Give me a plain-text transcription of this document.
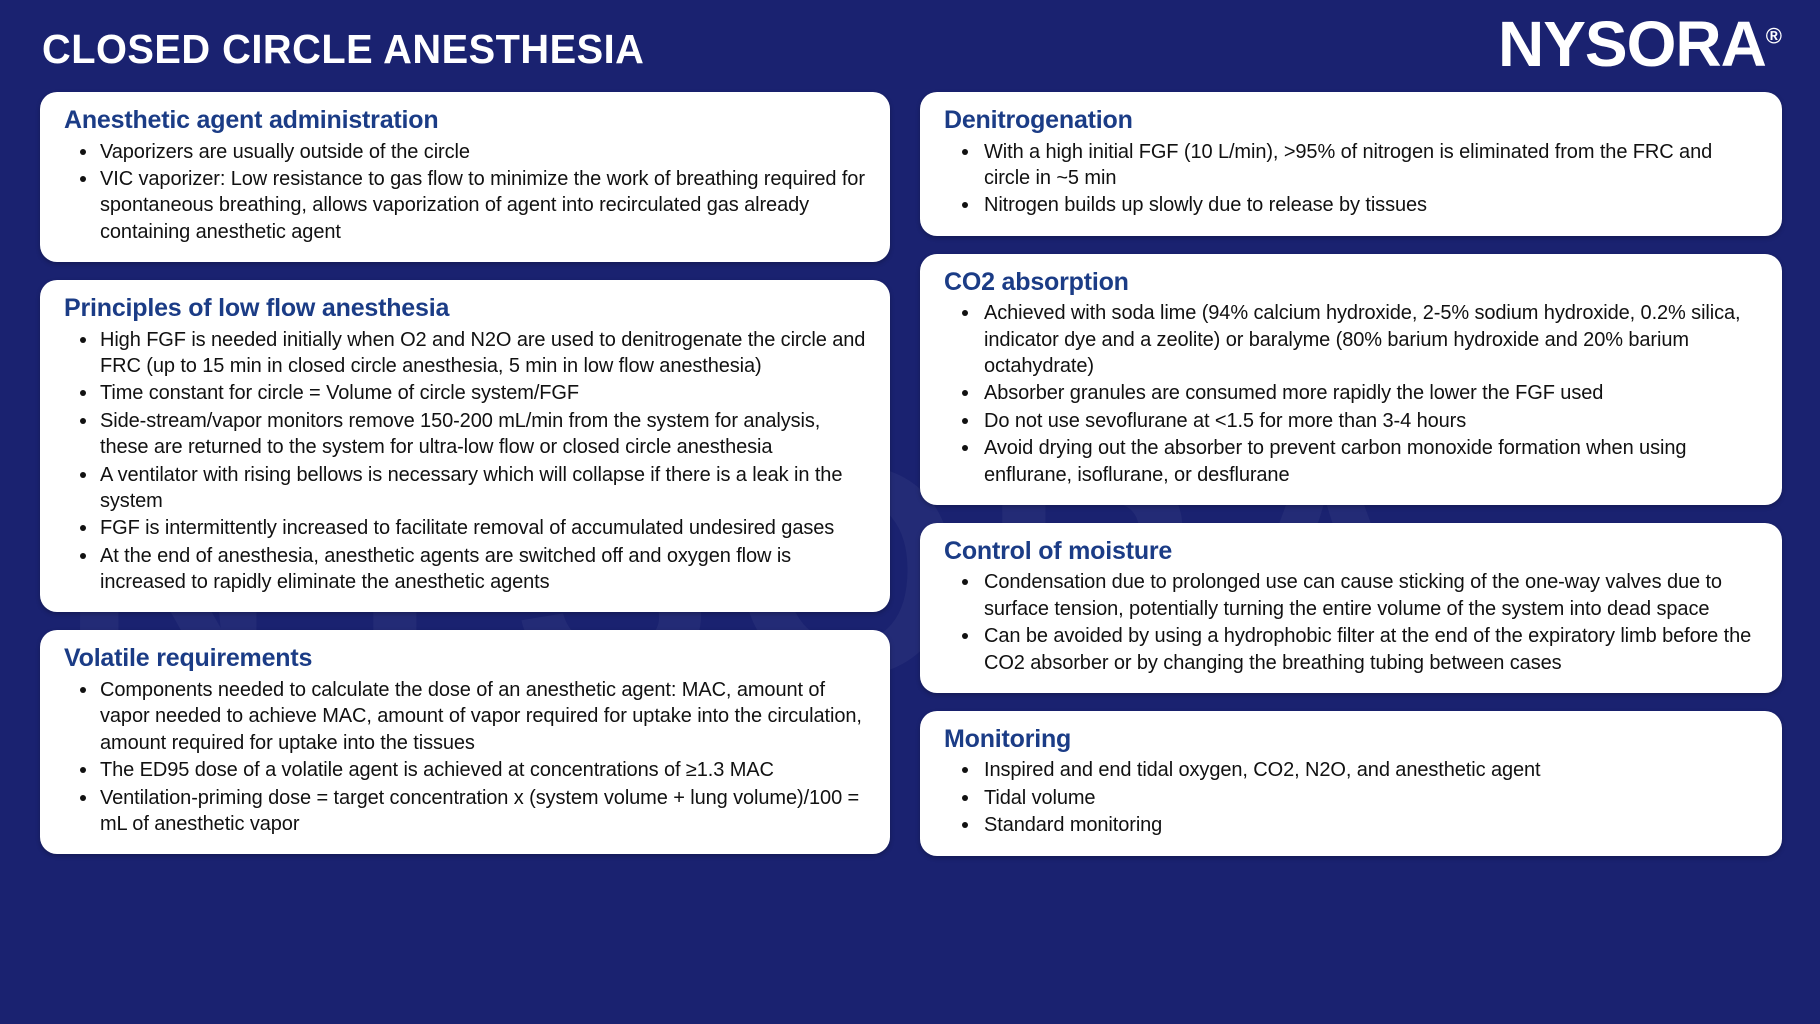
CLOSED CIRCLE ANESTHESIA	NYSORA®
Anesthetic agent administration
Vaporizers are usually outside of the circle
VIC vaporizer: Low resistance to gas flow to minimize the work of breathing required for spontaneous breathing, allows vaporization of agent into recirculated gas already containing anesthetic agent
Principles of low flow anesthesia
High FGF is needed initially when O2 and N2O are used to denitrogenate the circle and FRC (up to 15 min in closed circle anesthesia, 5 min in low flow anesthesia)
Time constant for circle = Volume of circle system/FGF
Side-stream/vapor monitors remove 150-200 mL/min from the system for analysis, these are returned to the system for ultra-low flow or closed circle anesthesia
A ventilator with rising bellows is necessary which will collapse if there is a leak in the system
FGF is intermittently increased to facilitate removal of accumulated undesired gases
At the end of anesthesia, anesthetic agents are switched off and oxygen flow is increased to rapidly eliminate the anesthetic agents
Volatile requirements
Components needed to calculate the dose of an anesthetic agent: MAC, amount of vapor needed to achieve MAC, amount of vapor required for uptake into the circulation, amount required for uptake into the tissues
The ED95 dose of a volatile agent is achieved at concentrations of ≥1.3 MAC
Ventilation-priming dose = target concentration x (system volume + lung volume)/100 = mL of anesthetic vapor
Denitrogenation
With a high initial FGF (10 L/min), >95% of nitrogen is eliminated from the FRC and circle in ~5 min
Nitrogen builds up slowly due to release by tissues
CO2 absorption
Achieved with soda lime (94% calcium hydroxide, 2-5% sodium hydroxide, 0.2% silica, indicator dye and a zeolite) or baralyme (80% barium hydroxide and 20% barium octahydrate)
Absorber granules are consumed more rapidly the lower the FGF used
Do not use sevoflurane at <1.5 for more than 3-4 hours
Avoid drying out the absorber to prevent carbon monoxide formation when using enflurane, isoflurane, or desflurane
Control of moisture
Condensation due to prolonged use can cause sticking of the one-way valves due to surface tension, potentially turning the entire volume of the system into dead space
Can be avoided by using a hydrophobic filter at the end of the expiratory limb before the CO2 absorber or by changing the breathing tubing between cases
Monitoring
Inspired and end tidal oxygen, CO2, N2O, and anesthetic agent
Tidal volume
Standard monitoring
